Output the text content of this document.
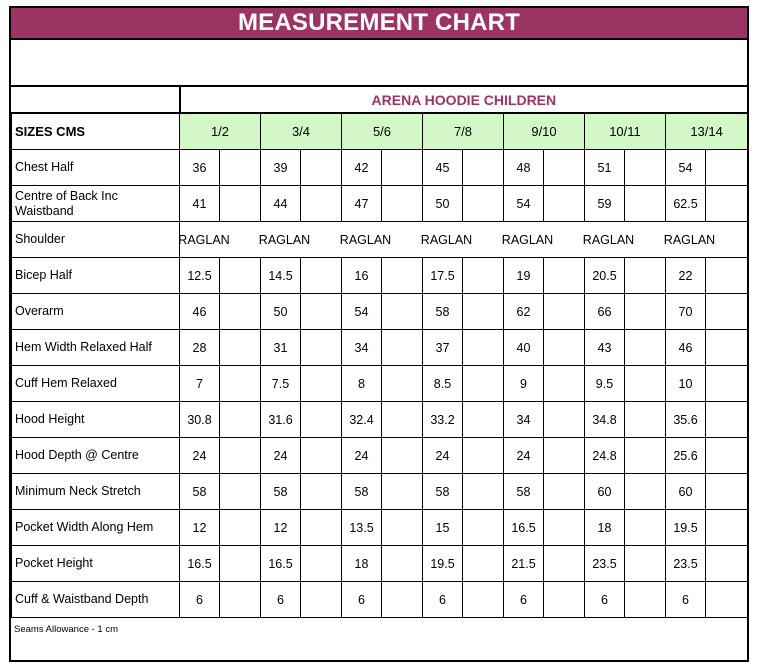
MEASUREMENT CHART
	ARENA HOODIE CHILDREN													
SIZES CMS	1/2		3/4		5/6		7/8		9/10		10/11		13/14	
Chest Half	36		39		42		45		48		51		54	
Centre of Back Inc Waistband	41		44		47		50		54		59		62.5	
Shoulder	RAGLAN		RAGLAN		RAGLAN		RAGLAN		RAGLAN		RAGLAN		RAGLAN	

Bicep Half	12.5		14.5		16		17.5		19		20.5		22	
Overarm	46		50		54		58		62		66		70	
Hem Width Relaxed Half	28		31		34		37		40		43		46	
Cuff Hem Relaxed	7		7.5		8		8.5		9		9.5		10	
Hood Height	30.8		31.6		32.4		33.2		34		34.8		35.6	
Hood Depth @ Centre	24		24		24		24		24		24.8		25.6	
Minimum Neck Stretch	58		58		58		58		58		60		60	
Pocket Width Along Hem	12		12		13.5		15		16.5		18		19.5	
Pocket Height	16.5		16.5		18		19.5		21.5		23.5		23.5	
Cuff & Waistband Depth	6		6		6		6		6		6		6	
Seams Allowance - 1 cm
